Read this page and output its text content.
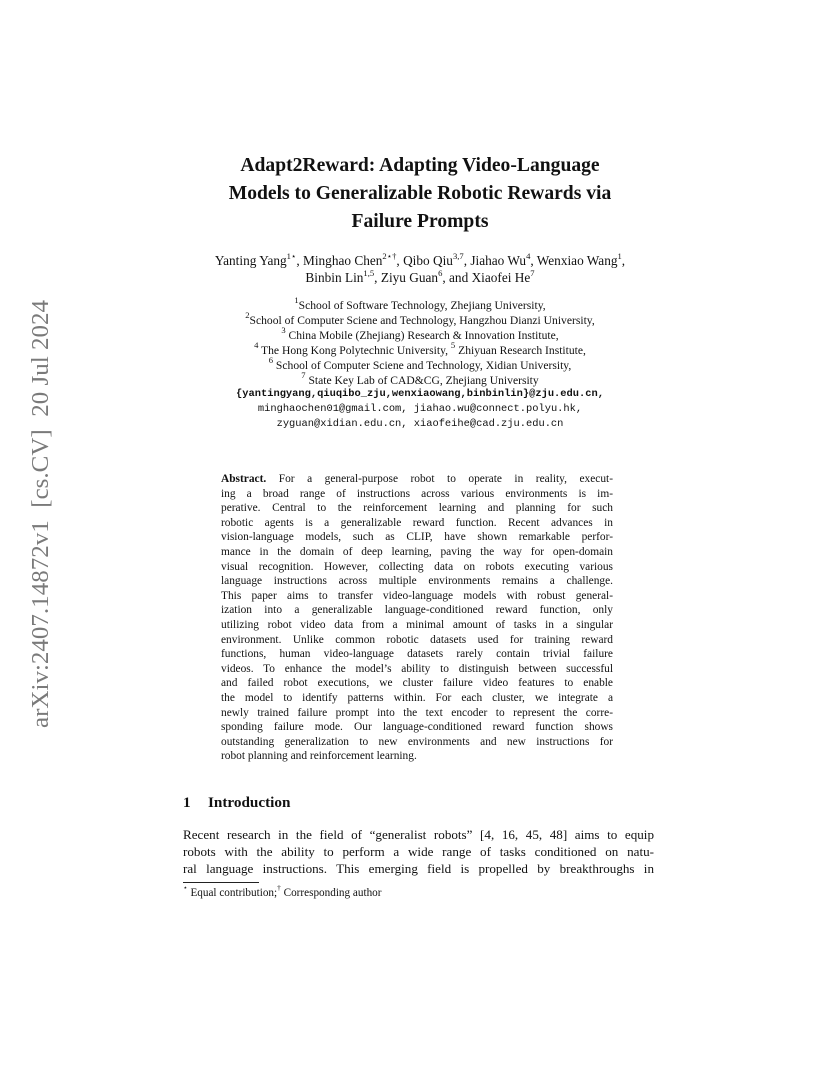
arXiv:2407.14872v1  [cs.CV]  20 Jul 2024
Adapt2Reward: Adapting Video-Language
Models to Generalizable Robotic Rewards via
Failure Prompts
Yanting Yang$^{1⋆}$, Minghao Chen$^{2⋆\dagger}$, Qibo Qiu$^{3,7}$, Jiahao Wu$^4$, Wenxiao Wang$^1$,
Binbin Lin$^{1,5}$, Ziyu Guan$^6$, and Xiaofei He$^7$
$^1$School of Software Technology, Zhejiang University,
$^2$School of Computer Sciene and Technology, Hangzhou Dianzi University,
$^3$ China Mobile (Zhejiang) Research & Innovation Institute,
$^4$ The Hong Kong Polytechnic University, $^5$ Zhiyuan Research Institute,
$^6$ School of Computer Sciene and Technology, Xidian University,
$^7$ State Key Lab of CAD&CG, Zhejiang University
{yantingyang,qiuqibo_zju,wenxiaowang,binbinlin}@zju.edu.cn,
minghaochen01@gmail.com, jiahao.wu@connect.polyu.hk,
zyguan@xidian.edu.cn, xiaofeihe@cad.zju.edu.cn
Abstract. For a general-purpose robot to operate in reality, execut-
ing a broad range of instructions across various environments is im-
perative. Central to the reinforcement learning and planning for such
robotic agents is a generalizable reward function. Recent advances in
vision-language models, such as CLIP, have shown remarkable perfor-
mance in the domain of deep learning, paving the way for open-domain
visual recognition. However, collecting data on robots executing various
language instructions across multiple environments remains a challenge.
This paper aims to transfer video-language models with robust general-
ization into a generalizable language-conditioned reward function, only
utilizing robot video data from a minimal amount of tasks in a singular
environment. Unlike common robotic datasets used for training reward
functions, human video-language datasets rarely contain trivial failure
videos. To enhance the model’s ability to distinguish between successful
and failed robot executions, we cluster failure video features to enable
the model to identify patterns within. For each cluster, we integrate a
newly trained failure prompt into the text encoder to represent the corre-
sponding failure mode. Our language-conditioned reward function shows
outstanding generalization to new environments and new instructions for
robot planning and reinforcement learning.
1 Introduction
Recent research in the field of “generalist robots” [4, 16, 45, 48] aims to equip
robots with the ability to perform a wide range of tasks conditioned on natu-
ral language instructions. This emerging field is propelled by breakthroughs in
⋆ Equal contribution;† Corresponding author
